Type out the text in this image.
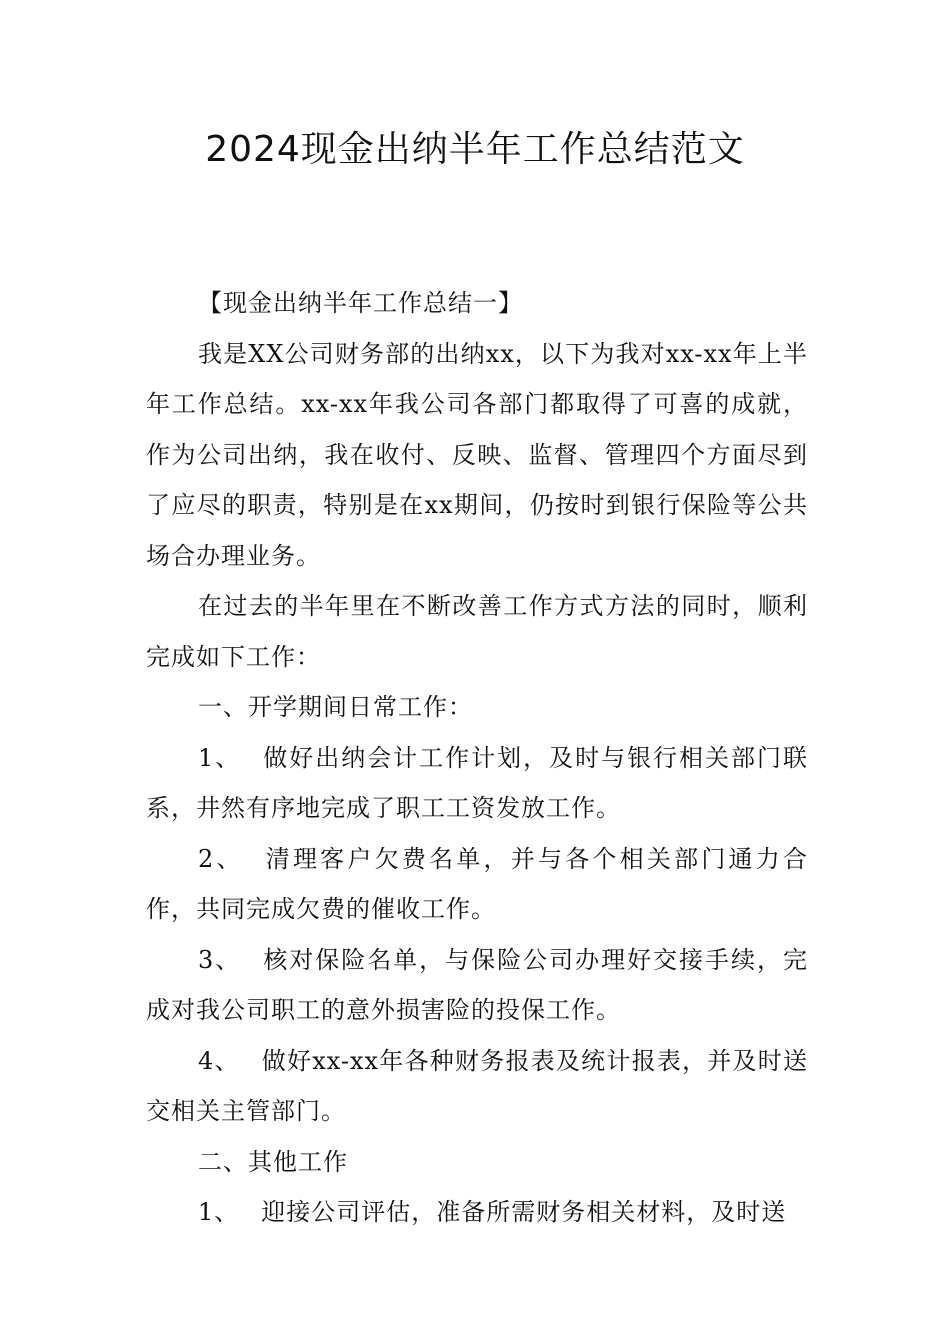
2024现金出纳半年工作总结范文

【现金出纳半年工作总结一】

我是XX公司财务部的出纳xx，以下为我对xx-xx年上半年工作总结。xx-xx年我公司各部门都取得了可喜的成就，作为公司出纳，我在收付、反映、监督、管理四个方面尽到了应尽的职责，特别是在xx期间，仍按时到银行保险等公共场合办理业务。

在过去的半年里在不断改善工作方式方法的同时，顺利完成如下工作：

一、开学期间日常工作：

1、 做好出纳会计工作计划，及时与银行相关部门联系，井然有序地完成了职工工资发放工作。

2、 清理客户欠费名单，并与各个相关部门通力合作，共同完成欠费的催收工作。

3、 核对保险名单，与保险公司办理好交接手续，完成对我公司职工的意外损害险的投保工作。

4、 做好xx-xx年各种财务报表及统计报表，并及时送交相关主管部门。

二、其他工作

1、 迎接公司评估，准备所需财务相关材料，及时送
